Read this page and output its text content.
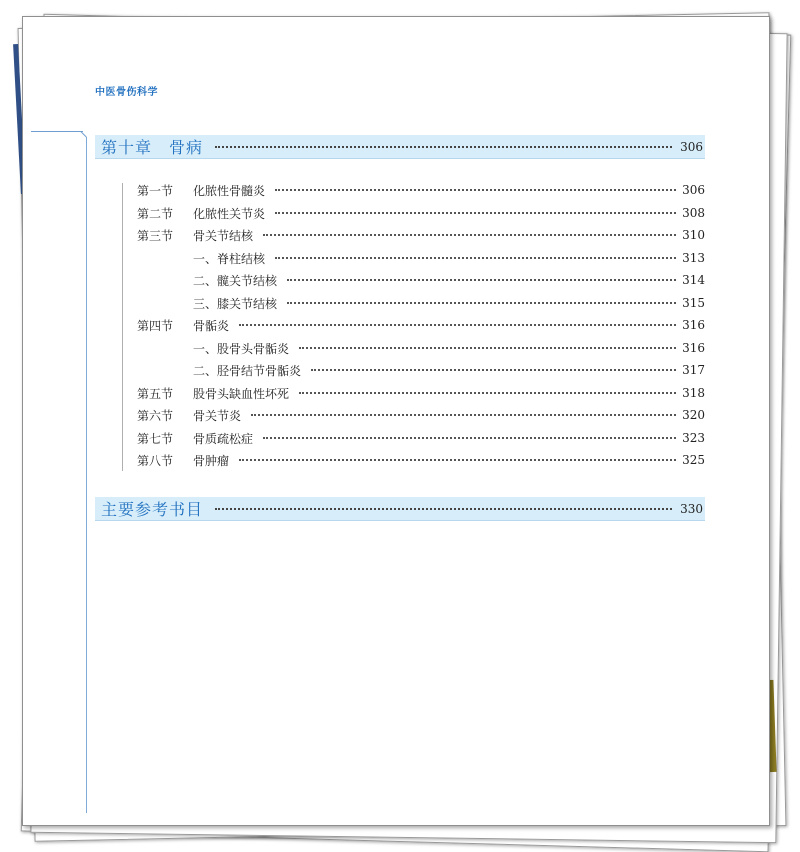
中医骨伤科学
第十章　骨病	306
第一节	化脓性骨髓炎	306
第二节	化脓性关节炎	308
第三节	骨关节结核	310
一、脊柱结核	313
二、髋关节结核	314
三、膝关节结核	315
第四节	骨骺炎	316
一、股骨头骨骺炎	316
二、胫骨结节骨骺炎	317
第五节	股骨头缺血性坏死	318
第六节	骨关节炎	320
第七节	骨质疏松症	323
第八节	骨肿瘤	325
主要参考书目	330
